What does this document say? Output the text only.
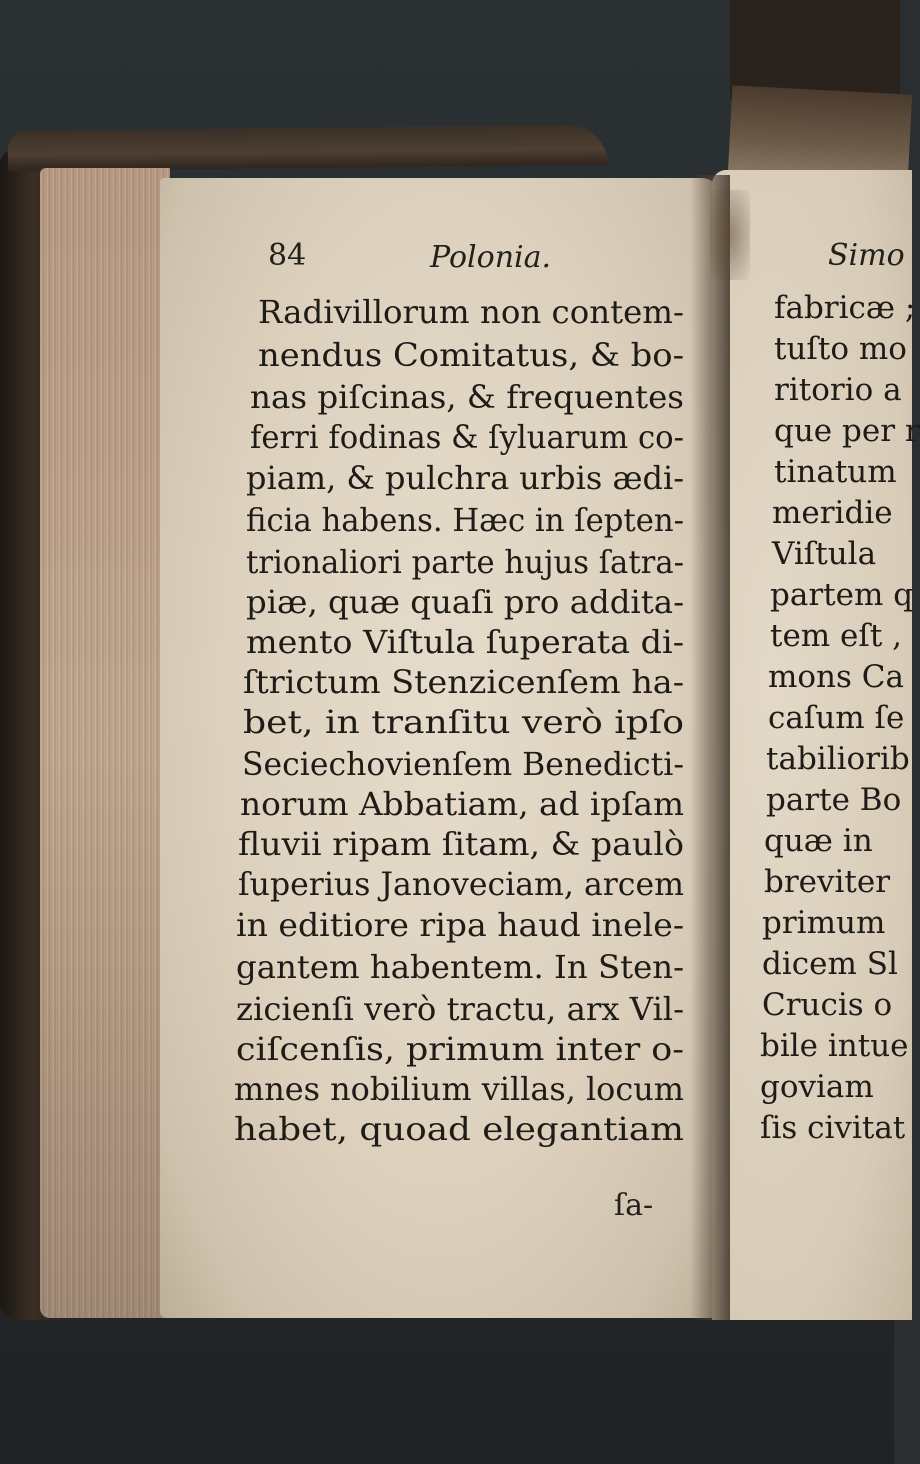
84	Polonia.
Radivillorum non contem-
nendus Comitatus, & bo-
nas piſcinas, & frequentes
ferri fodinas & ſyluarum co-
piam, & pulchra urbis ædi-
ficia habens. Hæc in ſepten-
trionaliori parte hujus ſatra-
piæ, quæ quaſi pro addita-
mento Viſtula ſuperata di-
ſtrictum Stenzicenſem ha-
bet, in tranſitu verò ipſo
Seciechovienſem Benedicti-
norum Abbatiam, ad ipſam
fluvii ripam ſitam, & paulò
ſuperius Janoveciam, arcem
in editiore ripa haud inele-
gantem habentem. In Sten-
zicienſi verò tractu, arx Vil-
ciſcenſis, primum inter o-
mnes nobilium villas, locum
habet, quoad elegantiam
ſa-
Simo
fabricæ ;
tuſto mo
ritorio a
que per r
tinatum
meridie
Viſtula
partem q
tem eſt ,
mons Ca
caſum ſe
tabiliorib
parte Bo
quæ in
breviter
primum
dicem Sl
Crucis o
bile intue
goviam
ſis civitat
